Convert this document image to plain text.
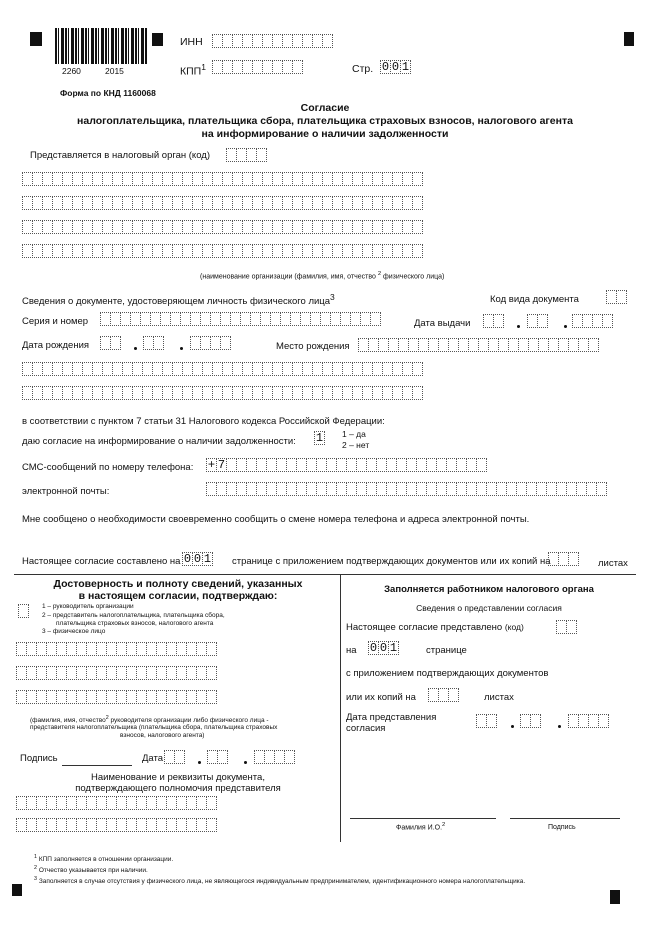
2260	2015
ИНН
КПП$^1$	Стр. 0 0 1
Форма по КНД 1160068
Согласие
налогоплательщика, плательщика сбора, плательщика страховых взносов, налогового агента
на информирование о наличии задолженности
Представляется в налоговый орган (код)
(наименование организации (фамилия, имя, отчество $^2$ физического лица)
Сведения о документе, удостоверяющем личность физического лица$^3$	Код вида документа
Серия и номер	Дата выдачи
Дата рождения	Место рождения
в соответствии с пунктом 7 статьи 31 Налогового кодекса Российской Федерации:
даю согласие на информирование о наличии задолженности: 1 1 – да
2 – нет
СМС-сообщений по номеру телефона: + 7
электронной почты:
Мне сообщено о необходимости своевременно сообщить о смене номера телефона и адреса электронной почты.
Настоящее согласие составлено на 0 0 1 странице с приложением подтверждающих документов или их копий на	листах
Достоверность и полноту сведений, указанных
в настоящем согласии, подтверждаю:
1 – руководитель организации
2 – представитель налогоплательщика, плательщика сбора,
плательщика страховых взносов, налогового агента
3 – физическое лицо
(фамилия, имя, отчество$^2$ руководителя организации либо физического лица -
представителя налогоплательщика (плательщика сбора, плательщика страховых
взносов, налогового агента)
Подпись	Дата
Наименование и реквизиты документа,
подтверждающего полномочия представителя
Заполняется работником налогового органа
Сведения о представлении согласия
Настоящее согласие представлено (код)
на 0 0 1	странице
с приложением подтверждающих документов
или их копий на	листах
Дата представления
согласия
Фамилия И.О.$^2$	Подпись
$^1$ КПП заполняется в отношении организации.
$^2$ Отчество указывается при наличии.
$^3$ Заполняется в случае отсутствия у физического лица, не являющегося индивидуальным предпринимателем, идентификационного номера налогоплательщика.
